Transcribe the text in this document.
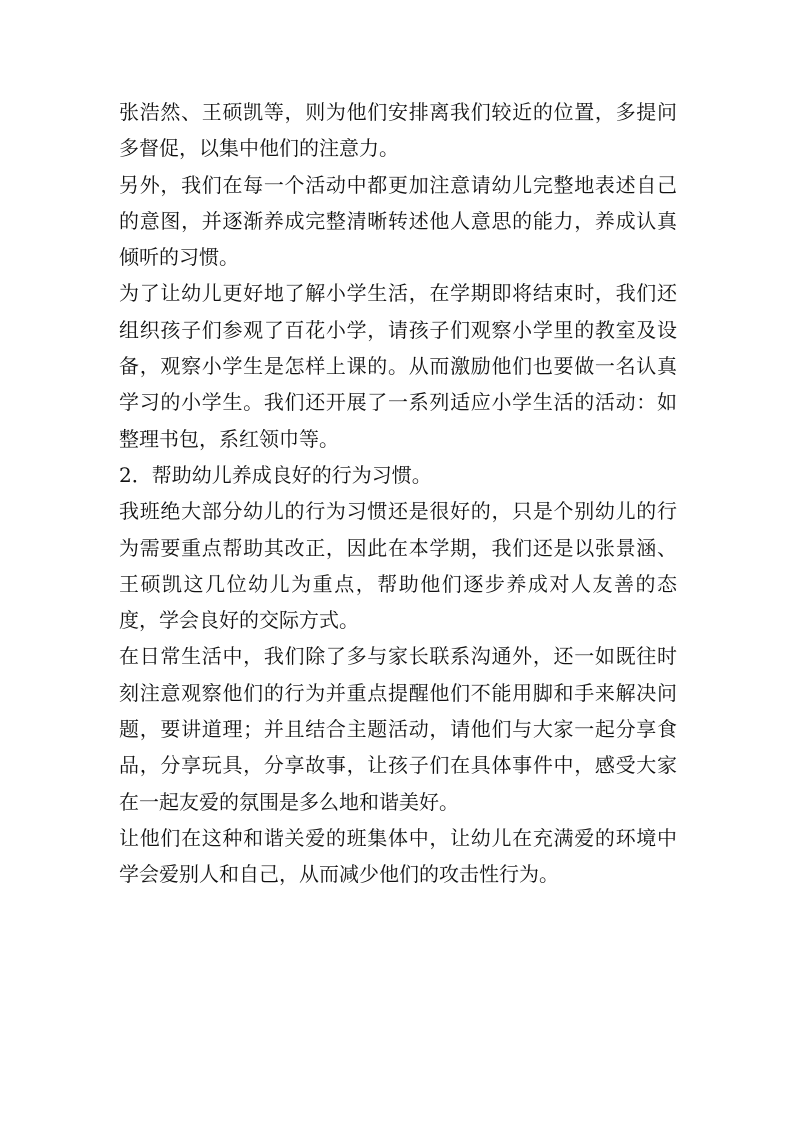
张浩然、王硕凯等，则为他们安排离我们较近的位置，多提问多督促，以集中他们的注意力。

另外，我们在每一个活动中都更加注意请幼儿完整地表述自己的意图，并逐渐养成完整清晰转述他人意思的能力，养成认真倾听的习惯。

为了让幼儿更好地了解小学生活，在学期即将结束时，我们还组织孩子们参观了百花小学，请孩子们观察小学里的教室及设备，观察小学生是怎样上课的。从而激励他们也要做一名认真学习的小学生。我们还开展了一系列适应小学生活的活动：如整理书包，系红领巾等。

2．帮助幼儿养成良好的行为习惯。

我班绝大部分幼儿的行为习惯还是很好的，只是个别幼儿的行为需要重点帮助其改正，因此在本学期，我们还是以张景涵、王硕凯这几位幼儿为重点，帮助他们逐步养成对人友善的态度，学会良好的交际方式。

在日常生活中，我们除了多与家长联系沟通外，还一如既往时刻注意观察他们的行为并重点提醒他们不能用脚和手来解决问题，要讲道理；并且结合主题活动，请他们与大家一起分享食品，分享玩具，分享故事，让孩子们在具体事件中，感受大家在一起友爱的氛围是多么地和谐美好。

让他们在这种和谐关爱的班集体中，让幼儿在充满爱的环境中学会爱别人和自己，从而减少他们的攻击性行为。
